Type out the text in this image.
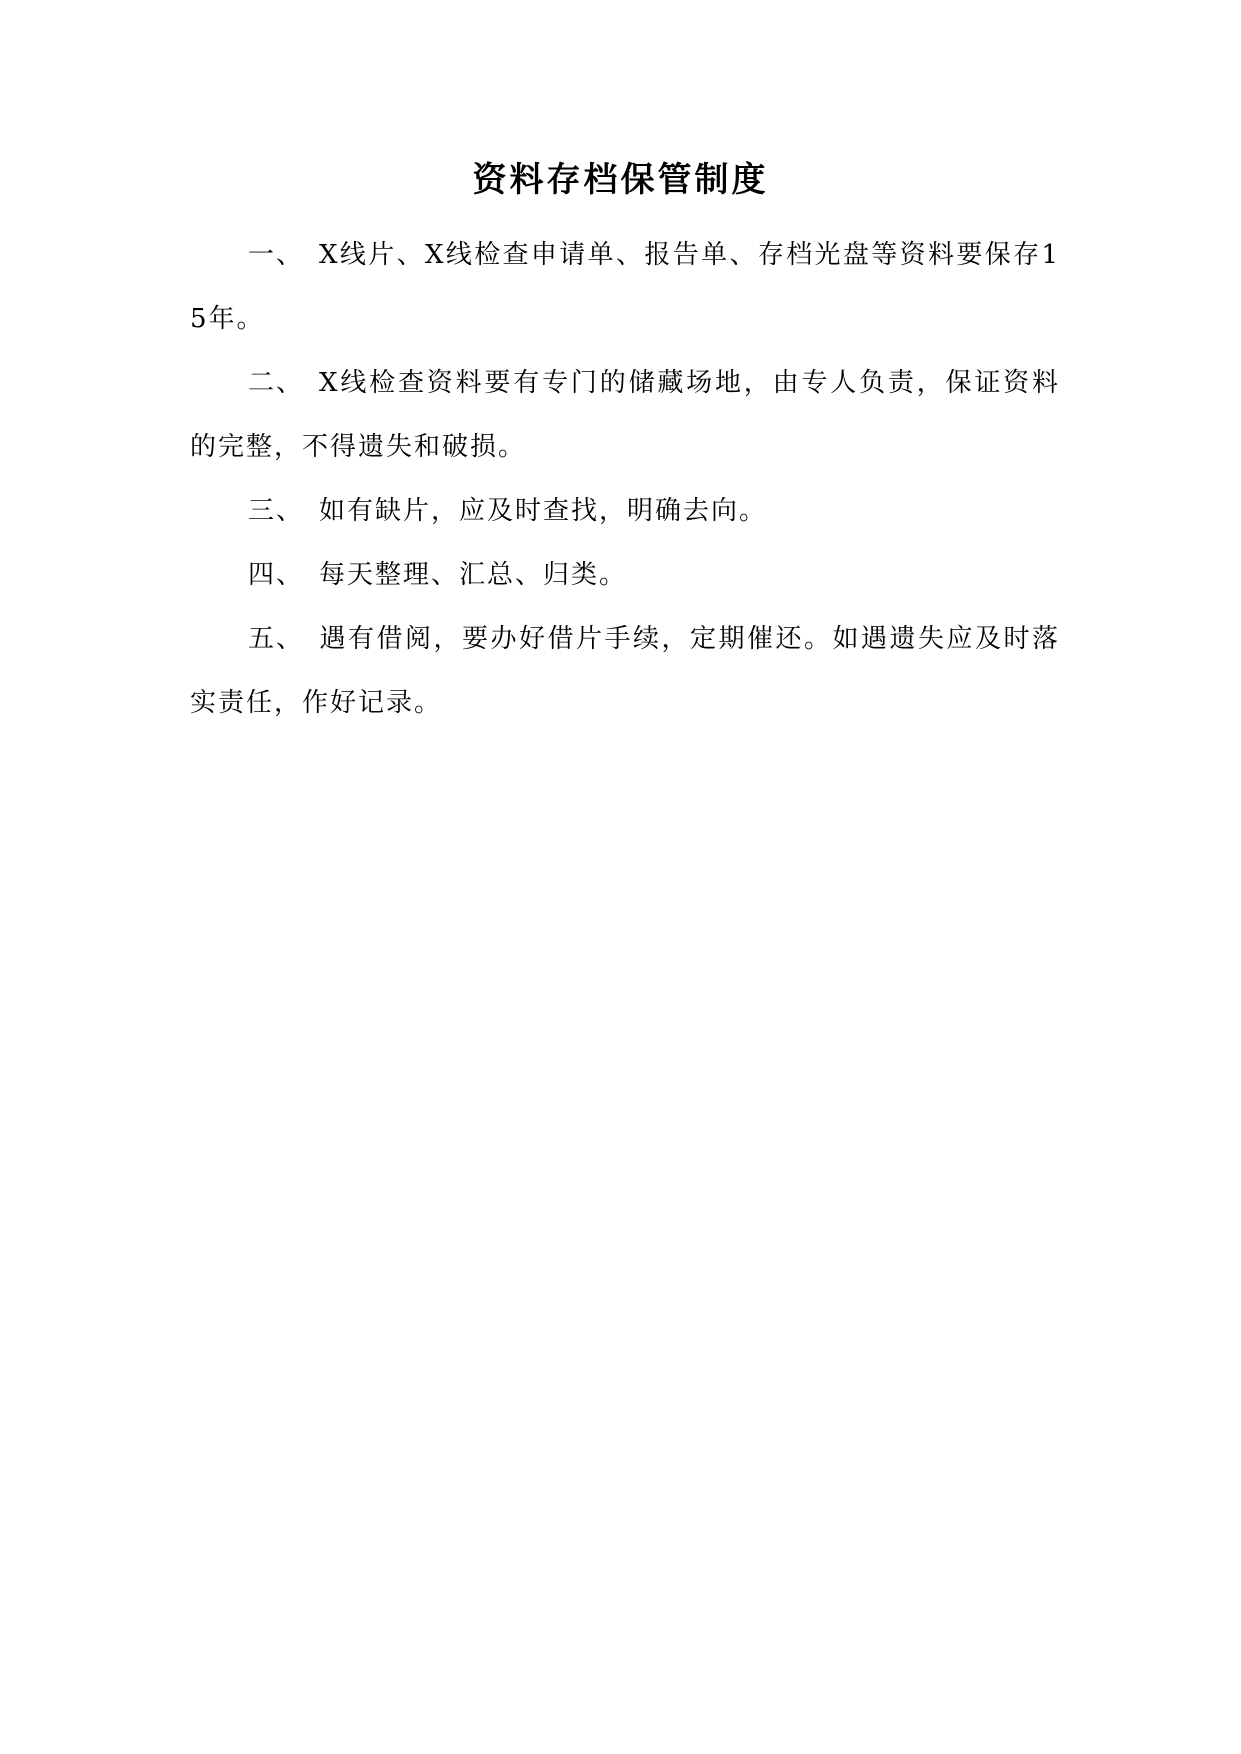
资料存档保管制度

一、 X线片、X线检查申请单、报告单、存档光盘等资料要保存15年。

二、 X线检查资料要有专门的储藏场地，由专人负责，保证资料的完整，不得遗失和破损。

三、 如有缺片，应及时查找，明确去向。

四、 每天整理、汇总、归类。

五、 遇有借阅，要办好借片手续，定期催还。如遇遗失应及时落实责任，作好记录。
